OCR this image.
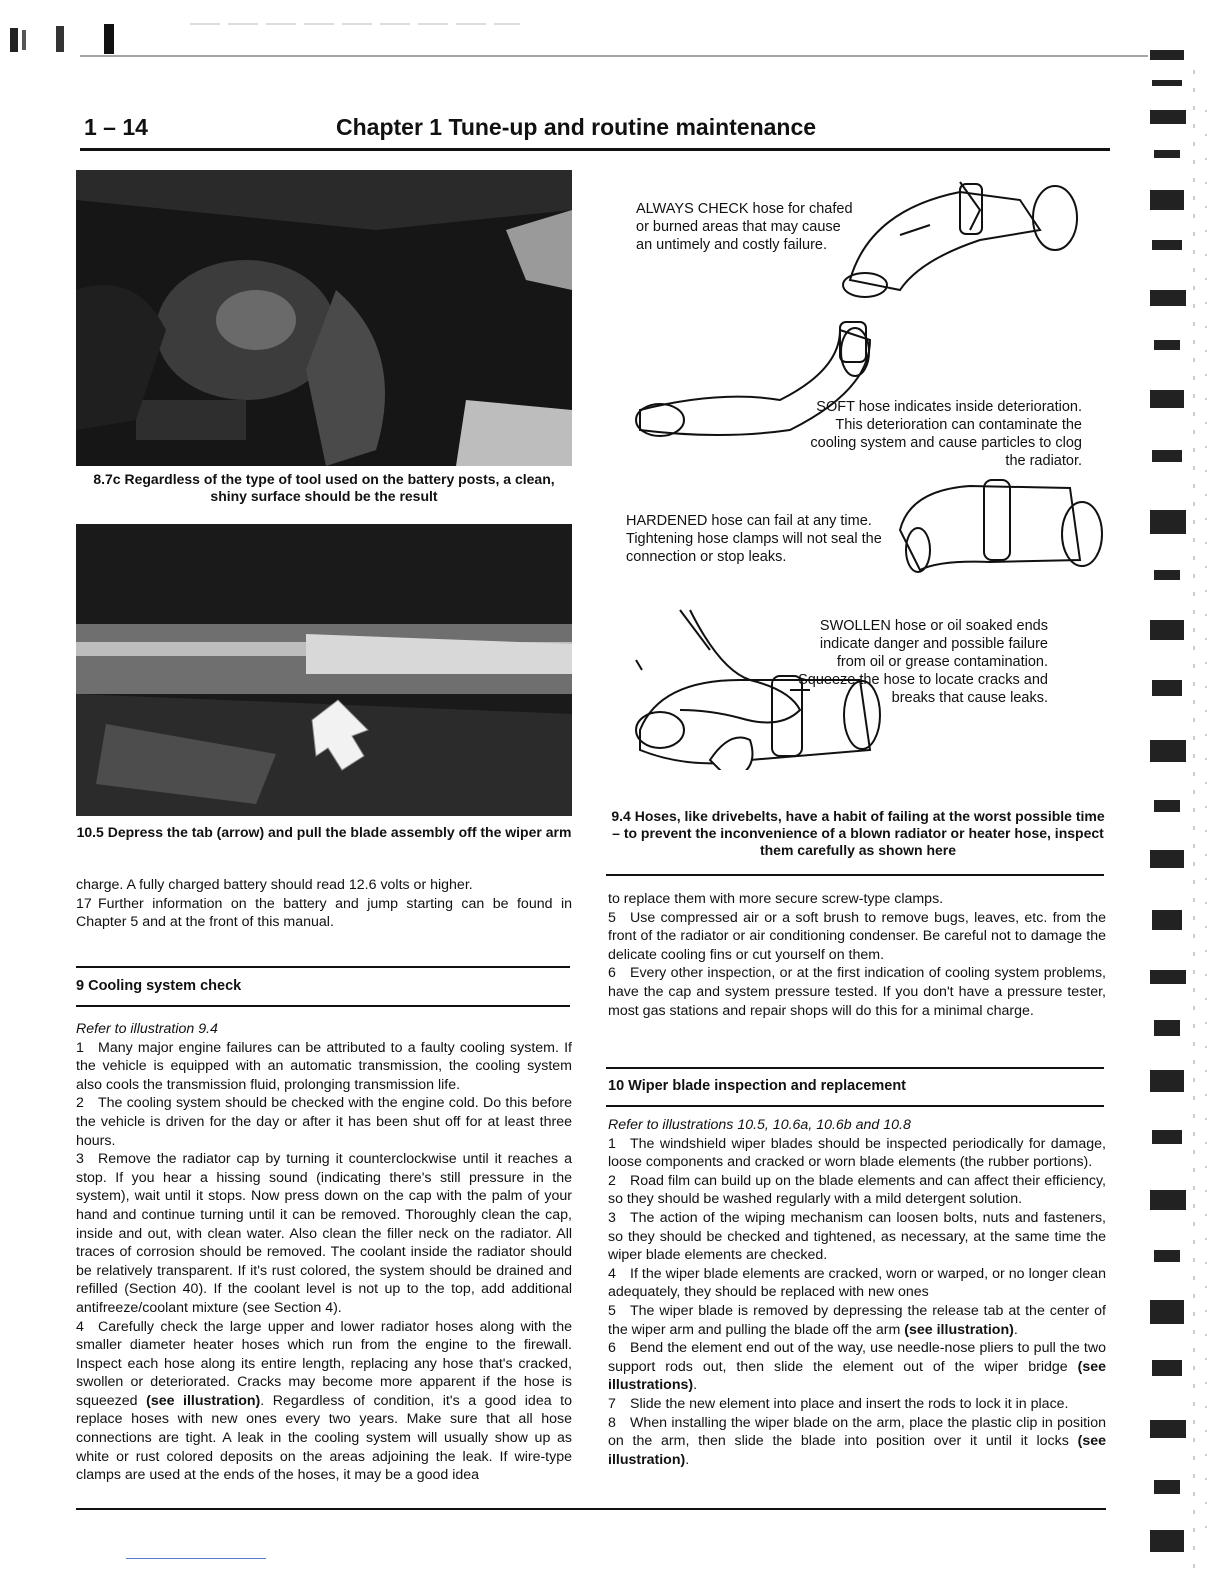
1 – 14	Chapter 1 Tune-up and routine maintenance
8.7c Regardless of the type of tool used on the battery posts, a clean, shiny surface should be the result
10.5 Depress the tab (arrow) and pull the blade assembly off the wiper arm
ALWAYS CHECK hose for chafed or burned areas that may cause an untimely and costly failure.
SOFT hose indicates inside deterioration. This deterioration can contaminate the cooling system and cause particles to clog the radiator.
HARDENED hose can fail at any time. Tightening hose clamps will not seal the connection or stop leaks.
SWOLLEN hose or oil soaked ends indicate danger and possible failure from oil or grease contamination. Squeeze the hose to locate cracks and breaks that cause leaks.
9.4 Hoses, like drivebelts, have a habit of failing at the worst possible time – to prevent the inconvenience of a blown radiator or heater hose, inspect them carefully as shown here

charge. A fully charged battery should read 12.6 volts or higher.

17 Further information on the battery and jump starting can be found in Chapter 5 and at the front of this manual.

9 Cooling system check

Refer to illustration 9.4

1 Many major engine failures can be attributed to a faulty cooling system. If the vehicle is equipped with an automatic transmission, the cooling system also cools the transmission fluid, prolonging transmission life.

2 The cooling system should be checked with the engine cold. Do this before the vehicle is driven for the day or after it has been shut off for at least three hours.

3 Remove the radiator cap by turning it counterclockwise until it reaches a stop. If you hear a hissing sound (indicating there's still pressure in the system), wait until it stops. Now press down on the cap with the palm of your hand and continue turning until it can be removed. Thoroughly clean the cap, inside and out, with clean water. Also clean the filler neck on the radiator. All traces of corrosion should be removed. The coolant inside the radiator should be relatively transparent. If it's rust colored, the system should be drained and refilled (Section 40). If the coolant level is not up to the top, add additional antifreeze/coolant mixture (see Section 4).

4 Carefully check the large upper and lower radiator hoses along with the smaller diameter heater hoses which run from the engine to the firewall. Inspect each hose along its entire length, replacing any hose that's cracked, swollen or deteriorated. Cracks may become more apparent if the hose is squeezed (see illustration). Regardless of condition, it's a good idea to replace hoses with new ones every two years. Make sure that all hose connections are tight. A leak in the cooling system will usually show up as white or rust colored deposits on the areas adjoining the leak. If wire-type clamps are used at the ends of the hoses, it may be a good idea

to replace them with more secure screw-type clamps.

5 Use compressed air or a soft brush to remove bugs, leaves, etc. from the front of the radiator or air conditioning condenser. Be careful not to damage the delicate cooling fins or cut yourself on them.

6 Every other inspection, or at the first indication of cooling system problems, have the cap and system pressure tested. If you don't have a pressure tester, most gas stations and repair shops will do this for a minimal charge.

10 Wiper blade inspection and replacement

Refer to illustrations 10.5, 10.6a, 10.6b and 10.8

1 The windshield wiper blades should be inspected periodically for damage, loose components and cracked or worn blade elements (the rubber portions).

2 Road film can build up on the blade elements and can affect their efficiency, so they should be washed regularly with a mild detergent solution.

3 The action of the wiping mechanism can loosen bolts, nuts and fasteners, so they should be checked and tightened, as necessary, at the same time the wiper blade elements are checked.

4 If the wiper blade elements are cracked, worn or warped, or no longer clean adequately, they should be replaced with new ones

5 The wiper blade is removed by depressing the release tab at the center of the wiper arm and pulling the blade off the arm (see illustration).

6 Bend the element end out of the way, use needle-nose pliers to pull the two support rods out, then slide the element out of the wiper bridge (see illustrations).

7 Slide the new element into place and insert the rods to lock it in place.

8 When installing the wiper blade on the arm, place the plastic clip in position on the arm, then slide the blade into position over it until it locks (see illustration).
